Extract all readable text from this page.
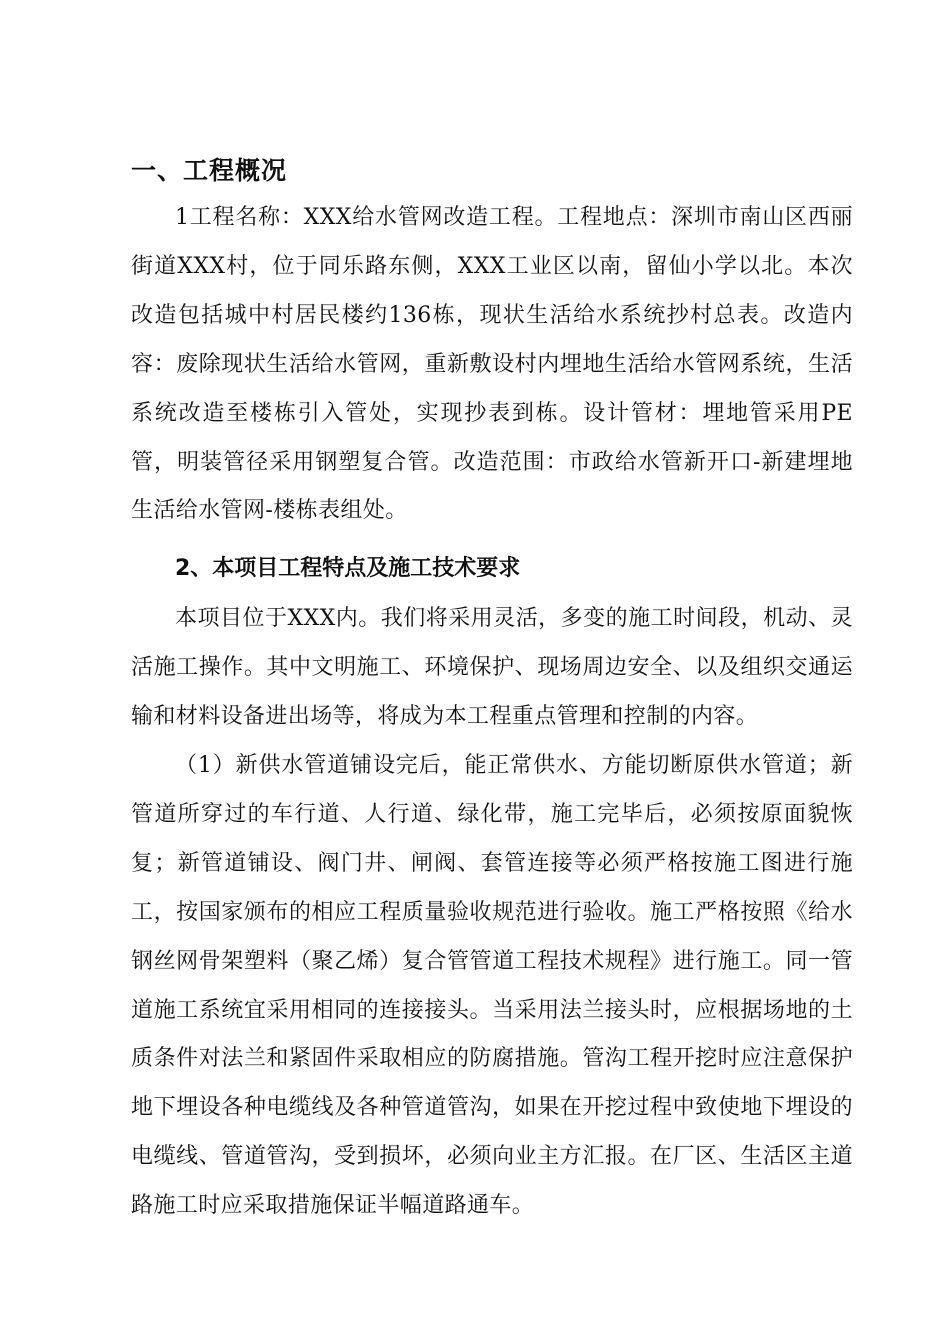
一、工程概况

1工程名称：XXX给水管网改造工程。工程地点：深圳市南山区西丽街道XXX村，位于同乐路东侧，XXX工业区以南，留仙小学以北。本次改造包括城中村居民楼约136栋，现状生活给水系统抄村总表。改造内容：废除现状生活给水管网，重新敷设村内埋地生活给水管网系统，生活系统改造至楼栋引入管处，实现抄表到栋。设计管材：埋地管采用PE管，明装管径采用钢塑复合管。改造范围：市政给水管新开口-新建埋地生活给水管网-楼栋表组处。

2、本项目工程特点及施工技术要求

本项目位于XXX内。我们将采用灵活，多变的施工时间段，机动、灵活施工操作。其中文明施工、环境保护、现场周边安全、以及组织交通运输和材料设备进出场等，将成为本工程重点管理和控制的内容。

（1）新供水管道铺设完后，能正常供水、方能切断原供水管道；新管道所穿过的车行道、人行道、绿化带，施工完毕后，必须按原面貌恢复；新管道铺设、阀门井、闸阀、套管连接等必须严格按施工图进行施工，按国家颁布的相应工程质量验收规范进行验收。施工严格按照《给水钢丝网骨架塑料（聚乙烯）复合管管道工程技术规程》进行施工。同一管道施工系统宜采用相同的连接接头。当采用法兰接头时，应根据场地的土质条件对法兰和紧固件采取相应的防腐措施。管沟工程开挖时应注意保护地下埋设各种电缆线及各种管道管沟，如果在开挖过程中致使地下埋设的电缆线、管道管沟，受到损坏，必须向业主方汇报。在厂区、生活区主道路施工时应采取措施保证半幅道路通车。
